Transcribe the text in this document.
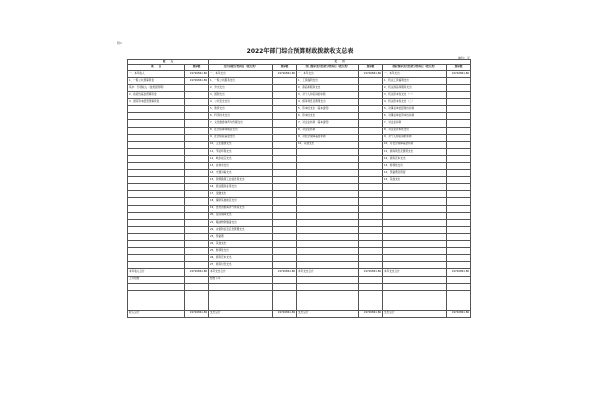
附1
2022年部门综合预算财政拨款收支总表
单位：元
收　　入		支　　出					
项　　目	预算数	支出功能分类科目（按大类）	预算数	部门预算支出经济分类科目（按大类）	预算数	政府预算支出经济分类科目（按大类）	预算数
一、本年收入	19726861.86	一、本年支出	19726861.86	一、本年支出	19726861.86	一、本年支出	19726861.86
1、一般公共预算资金	19726861.86	1、一般公共服务支出		1、工资福利支出		1、机关工资福利支出	
其中：专项收入（按类别列明）		2、外交支出		2、商品和服务支出		2、机关商品和服务支出	
2、政府性基金预算资金		3、国防支出		3、对个人和家庭的补助		3、机关资本性支出（一）	
3、国有资本经营预算资金		4、公共安全支出		4、债务利息及费用支出		4、机关资本性支出（二）	
		5、教育支出		5、资本性支出（基本建设）		5、对事业单位经常性补助	
		6、科学技术支出		6、资本性支出		6、对事业单位资本性补助	
		7、文化旅游体育与传媒支出		7、对企业补助（基本建设）		7、对企业补助	
		8、社会保障和就业支出		8、对企业补助		8、对企业资本性支出	
		9、社会保险基金支出		9、对社会保障基金补助		9、对个人和家庭的补助	
		10、卫生健康支出		10、其他支出		10、对社会保障基金补助	
		11、节能环保支出				11、债务利息及费用支出	
		12、城乡社区支出				12、债务还本支出	
		13、农林水支出				13、转移性支出	
		14、交通运输支出				14、预备费及预留	
		15、资源勘探工业信息等支出				15、其他支出	
		16、商业服务业等支出					
		17、金融支出					
		18、援助其他地区支出					
		19、自然资源海洋气象等支出					
		20、住房保障支出					
		21、粮油物资储备支出					
		22、灾害防治及应急管理支出					
		23、预备费					
		24、其他支出					
		25、转移性支出					
		26、债务还本支出					
		27、债务付息支出					
本年收入合计	19726861.86	本年支出合计	19726861.86	本年支出合计	19726861.86	本年支出合计	19726861.86
上年结转		结转下年					

收入总计	19726861.86	支出总计	19726861.86	支出总计	19726861.86	支出总计	19726861.86
